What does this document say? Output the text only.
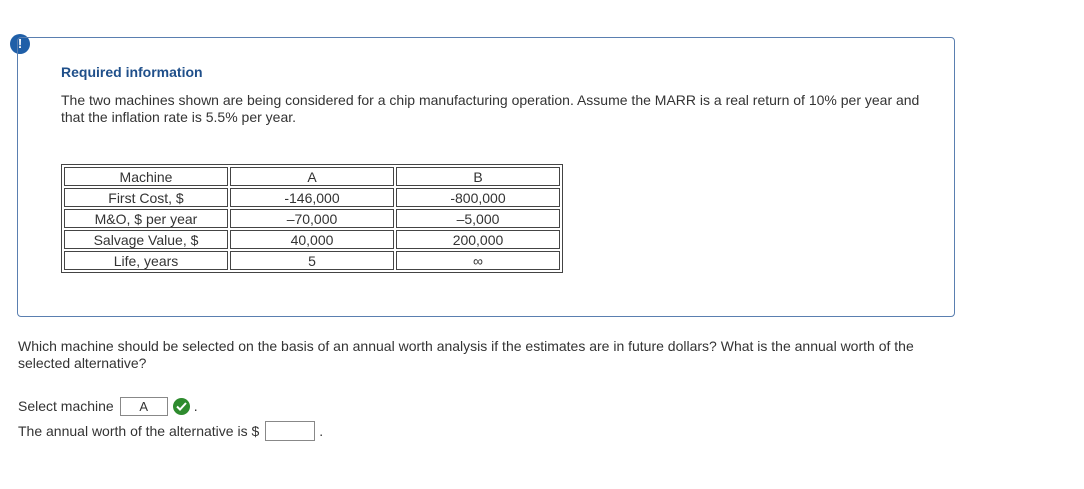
!
Required information
The two machines shown are being considered for a chip manufacturing operation. Assume the MARR is a real return of 10% per year and that the inflation rate is 5.5% per year.
Machine	A	B
First Cost, $	-146,000	-800,000
M&O, $ per year	–70,000	–5,000
Salvage Value, $	40,000	200,000
Life, years	5	∞
Which machine should be selected on the basis of an annual worth analysis if the estimates are in future dollars? What is the annual worth of the selected alternative?
Select machine	A	.
The annual worth of the alternative is $	.
